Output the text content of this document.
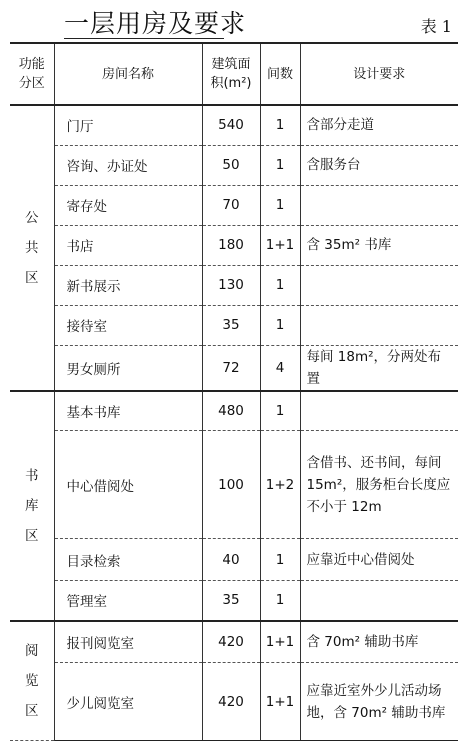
一层用房及要求	表 1
功能分区	房间名称	建筑面积(m²)	间数	设计要求
公共区	门厅	540	1	含部分走道
	咨询、办证处	50	1	含服务台
	寄存处	70	1	
	书店	180	1+1	含 35m² 书库
	新书展示	130	1	
	接待室	35	1	
	男女厕所	72	4	每间 18m²，分两处布置
书库区	基本书库	480	1	
	中心借阅处	100	1+2	含借书、还书间，每间 15m²，服务柜台长度应不小于 12m
	目录检索	40	1	应靠近中心借阅处
	管理室	35	1	
阅览区	报刊阅览室	420	1+1	含 70m² 辅助书库
	少儿阅览室	420	1+1	应靠近室外少儿活动场地，含 70m² 辅助书库
